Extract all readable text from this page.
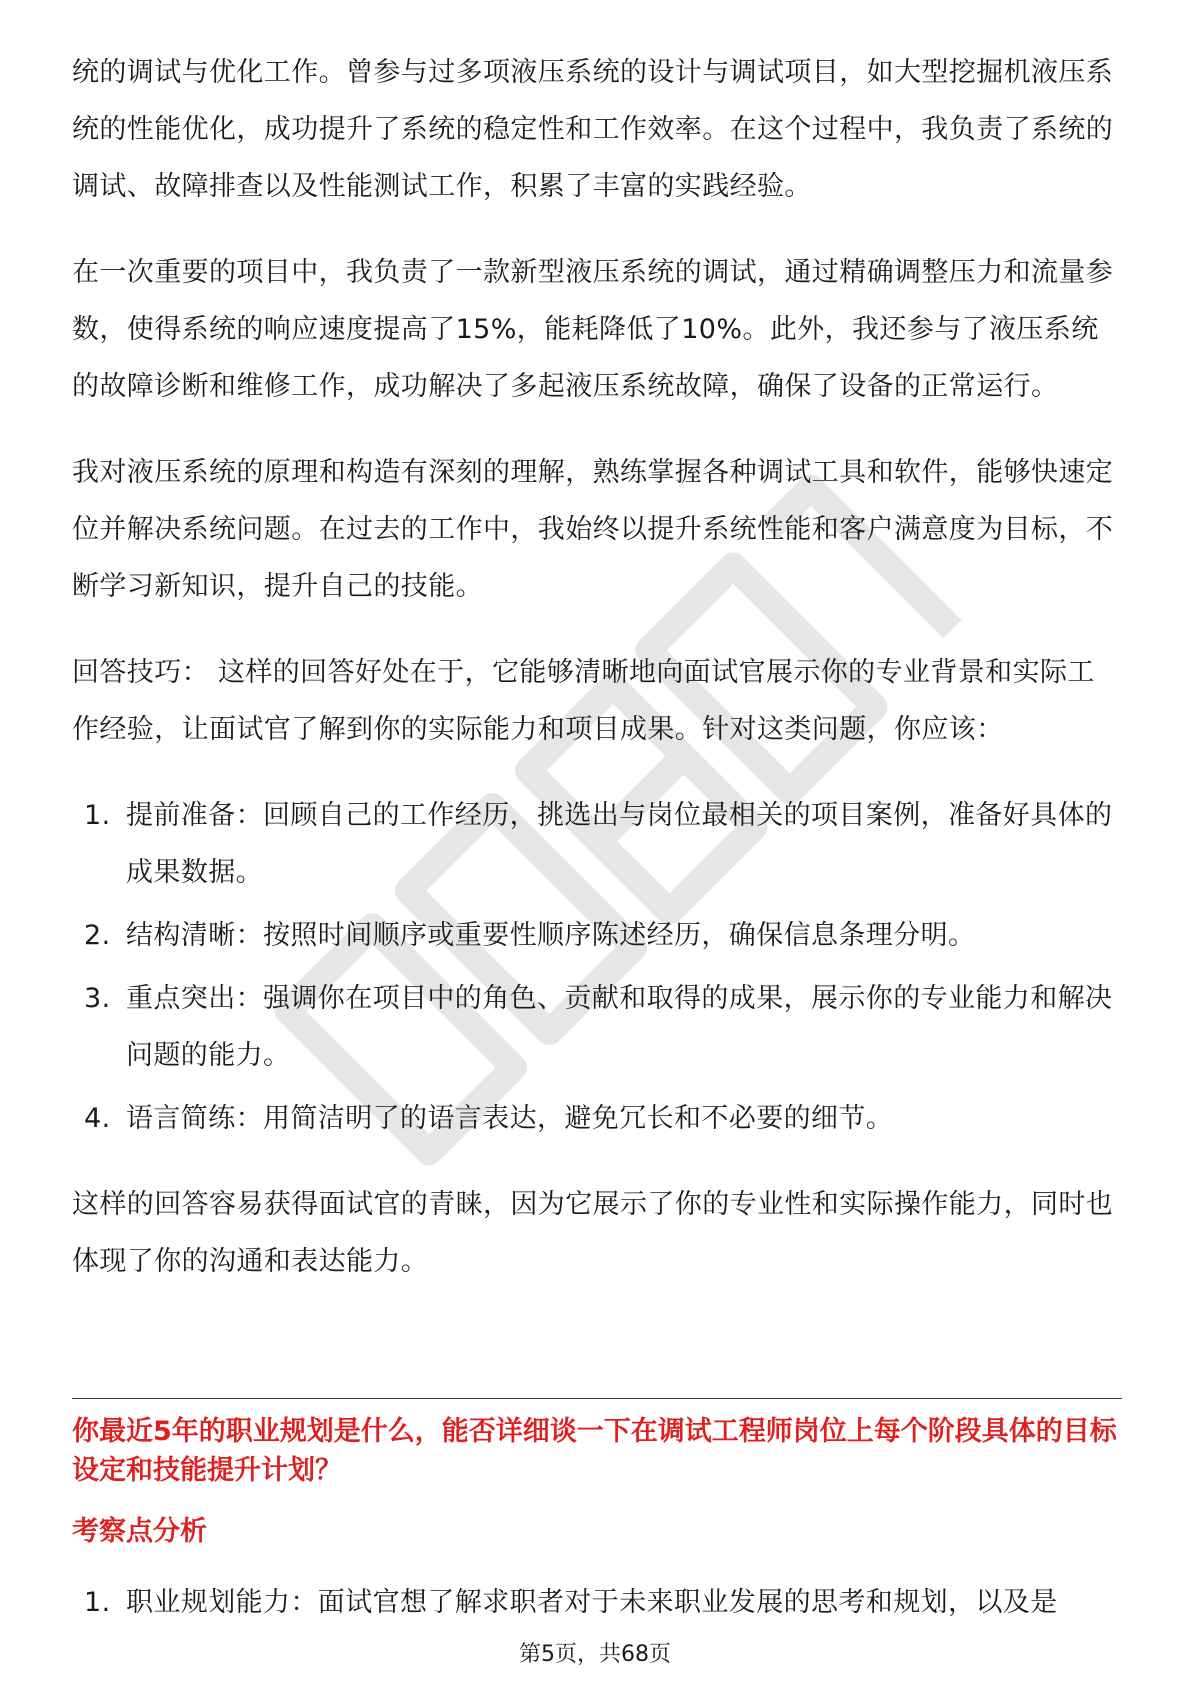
统的调试与优化工作。曾参与过多项液压系统的设计与调试项目，如大型挖掘机液压系统的性能优化，成功提升了系统的稳定性和工作效率。在这个过程中，我负责了系统的调试、故障排查以及性能测试工作，积累了丰富的实践经验。

在一次重要的项目中，我负责了一款新型液压系统的调试，通过精确调整压力和流量参数，使得系统的响应速度提高了15%，能耗降低了10%。此外，我还参与了液压系统的故障诊断和维修工作，成功解决了多起液压系统故障，确保了设备的正常运行。

我对液压系统的原理和构造有深刻的理解，熟练掌握各种调试工具和软件，能够快速定位并解决系统问题。在过去的工作中，我始终以提升系统性能和客户满意度为目标，不断学习新知识，提升自己的技能。

回答技巧： 这样的回答好处在于，它能够清晰地向面试官展示你的专业背景和实际工作经验，让面试官了解到你的实际能力和项目成果。针对这类问题，你应该：

1. 提前准备：回顾自己的工作经历，挑选出与岗位最相关的项目案例，准备好具体的成果数据。
2. 结构清晰：按照时间顺序或重要性顺序陈述经历，确保信息条理分明。
3. 重点突出：强调你在项目中的角色、贡献和取得的成果，展示你的专业能力和解决问题的能力。
4. 语言简练：用简洁明了的语言表达，避免冗长和不必要的细节。

这样的回答容易获得面试官的青睐，因为它展示了你的专业性和实际操作能力，同时也体现了你的沟通和表达能力。

你最近5年的职业规划是什么，能否详细谈一下在调试工程师岗位上每个阶段具体的目标设定和技能提升计划？
考察点分析
1. 职业规划能力：面试官想了解求职者对于未来职业发展的思考和规划，以及是
第5页，共68页
